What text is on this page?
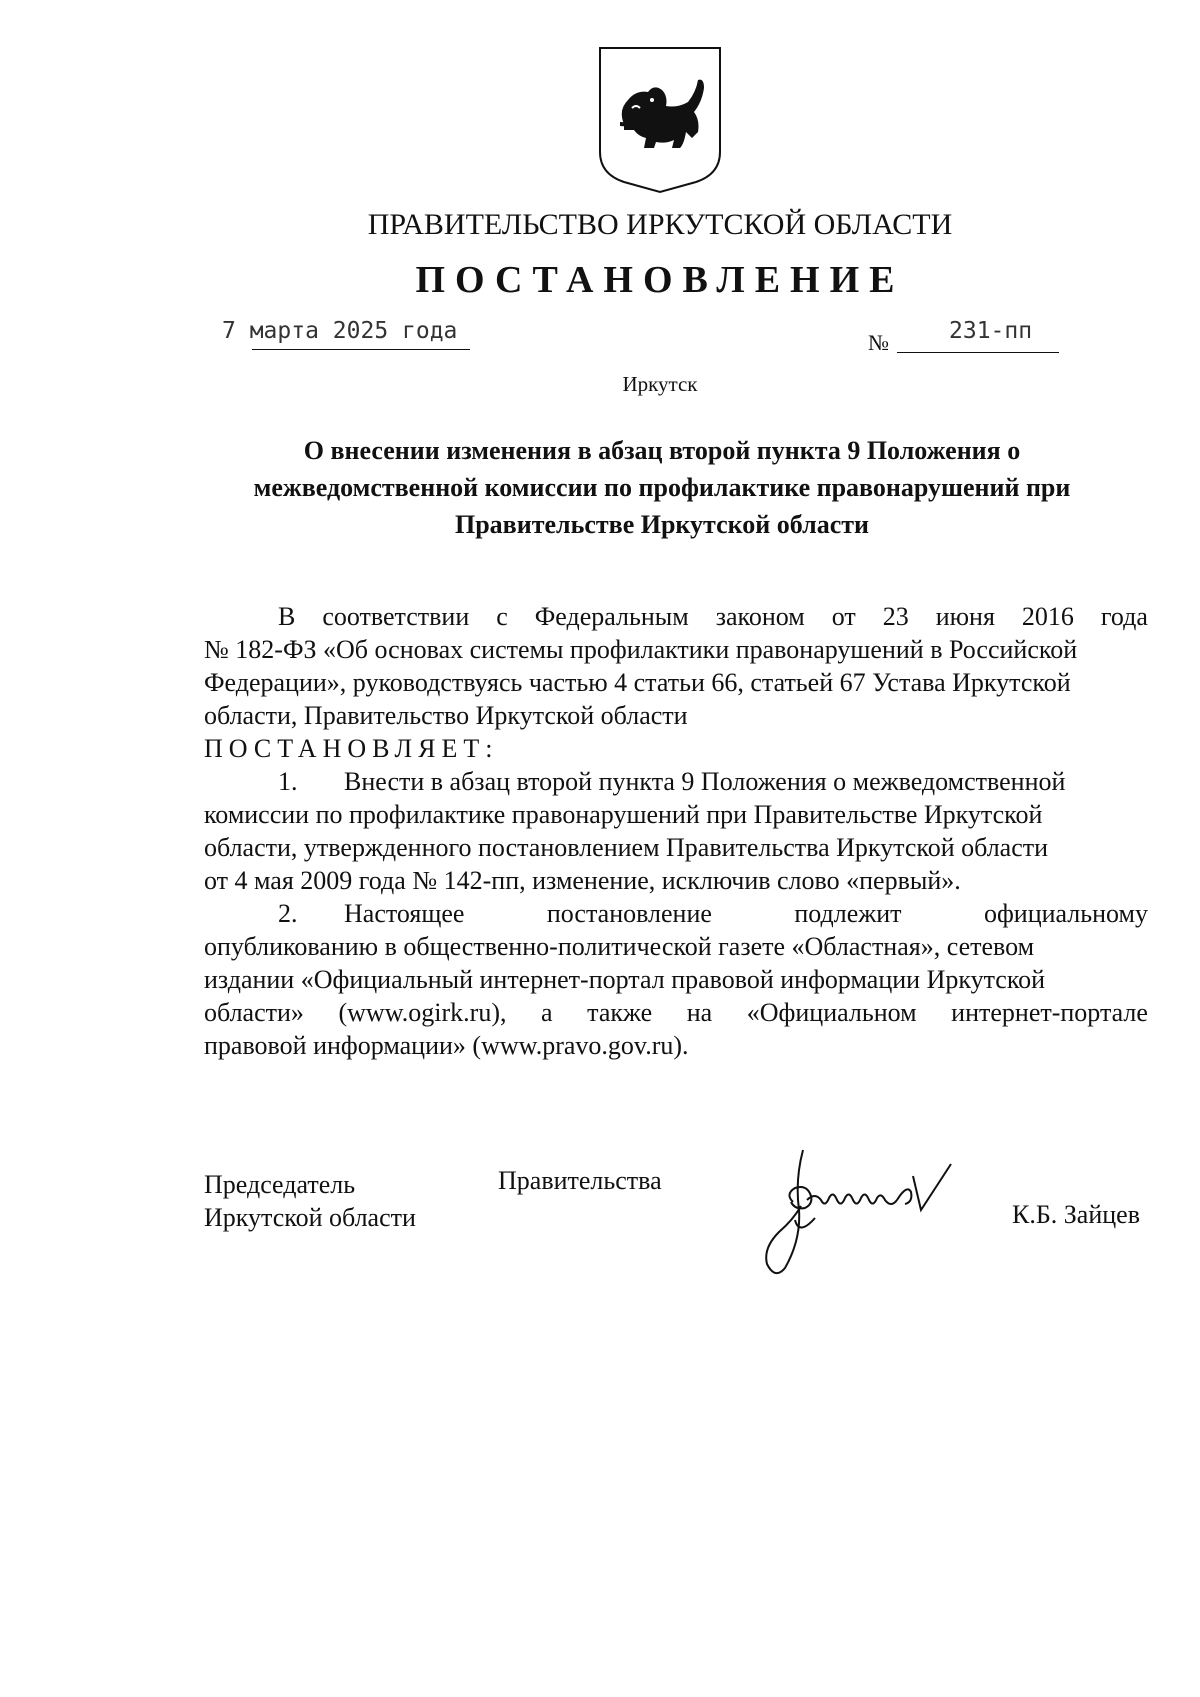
ПРАВИТЕЛЬСТВО ИРКУТСКОЙ ОБЛАСТИ
ПОСТАНОВЛЕНИЕ
7 марта 2025 года	№	231-пп
Иркутск
О внесении изменения в абзац второй пункта 9 Положения о
межведомственной комиссии по профилактике правонарушений при
Правительстве Иркутской области
В соответствии с Федеральным законом от 23 июня 2016 года
№ 182-ФЗ «Об основах системы профилактики правонарушений в Российской
Федерации», руководствуясь частью 4 статьи 66, статьей 67 Устава Иркутской
области, Правительство Иркутской области
ПОСТАНОВЛЯЕТ:
1. Внести в абзац второй пункта 9 Положения о межведомственной
комиссии по профилактике правонарушений при Правительстве Иркутской
области, утвержденного постановлением Правительства Иркутской области
от 4 мая 2009 года № 142-пп, изменение, исключив слово «первый».
2.	Настоящее	постановление	подлежит	официальному
опубликованию в общественно-политической газете «Областная», сетевом
издании «Официальный интернет-портал правовой информации Иркутской
области» (www.ogirk.ru), а также на «Официальном интернет-портале
правовой информации» (www.pravo.gov.ru).
Председатель
Иркутской области
Правительства
К.Б. Зайцев
